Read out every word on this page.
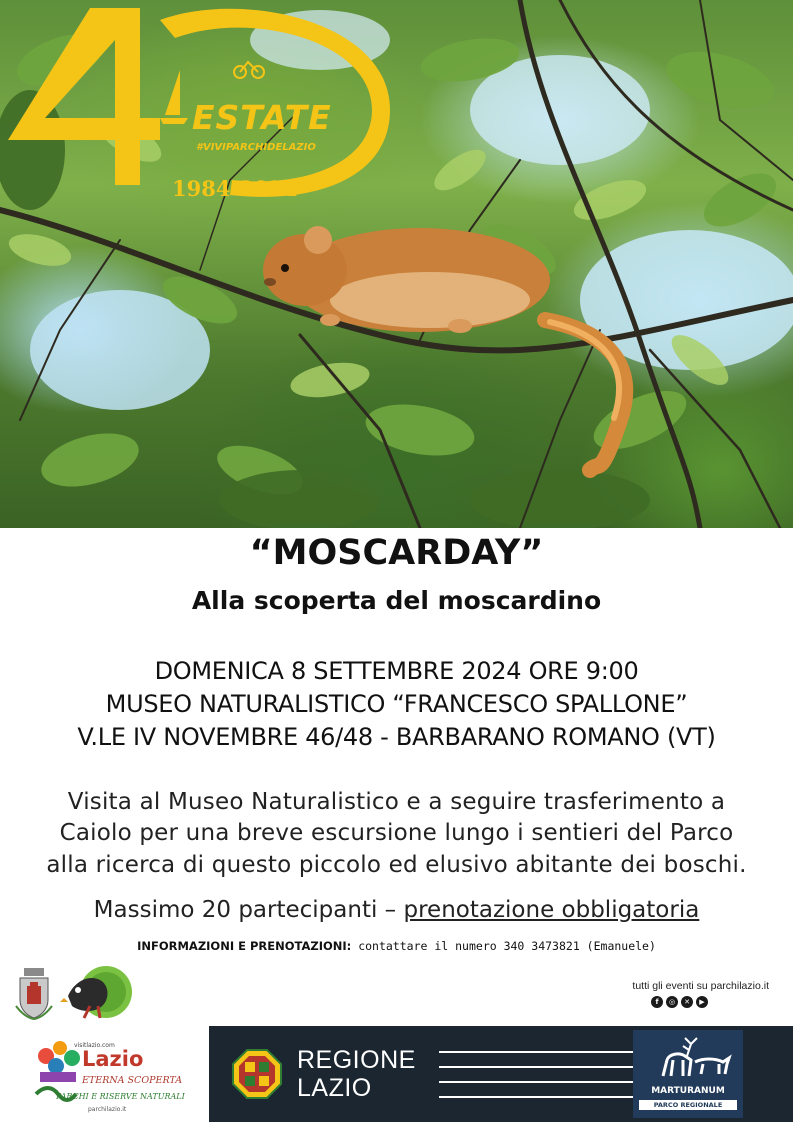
ESTATE
#VIVIPARCHIDELAZIO
1984-2024
“MOSCARDAY”
Alla scoperta del moscardino
DOMENICA 8 SETTEMBRE 2024 ORE 9:00
MUSEO NATURALISTICO “FRANCESCO SPALLONE”
V.LE IV NOVEMBRE 46/48 - BARBARANO ROMANO (VT)
Visita al Museo Naturalistico e a seguire trasferimento a
Caiolo per una breve escursione lungo i sentieri del Parco
alla ricerca di questo piccolo ed elusivo abitante dei boschi.
Massimo 20 partecipanti – prenotazione obbligatoria
INFORMAZIONI E PRENOTAZIONI: contattare il numero 340 3473821 (Emanuele)
visitlazio.com
Lazio
ETERNA SCOPERTA
PARCHI E RISERVE NATURALI
parchilazio.it
tutti gli eventi su parchilazio.it
f	◎	✕	▶
REGIONE
LAZIO	MARTURANUM
PARCO REGIONALE
